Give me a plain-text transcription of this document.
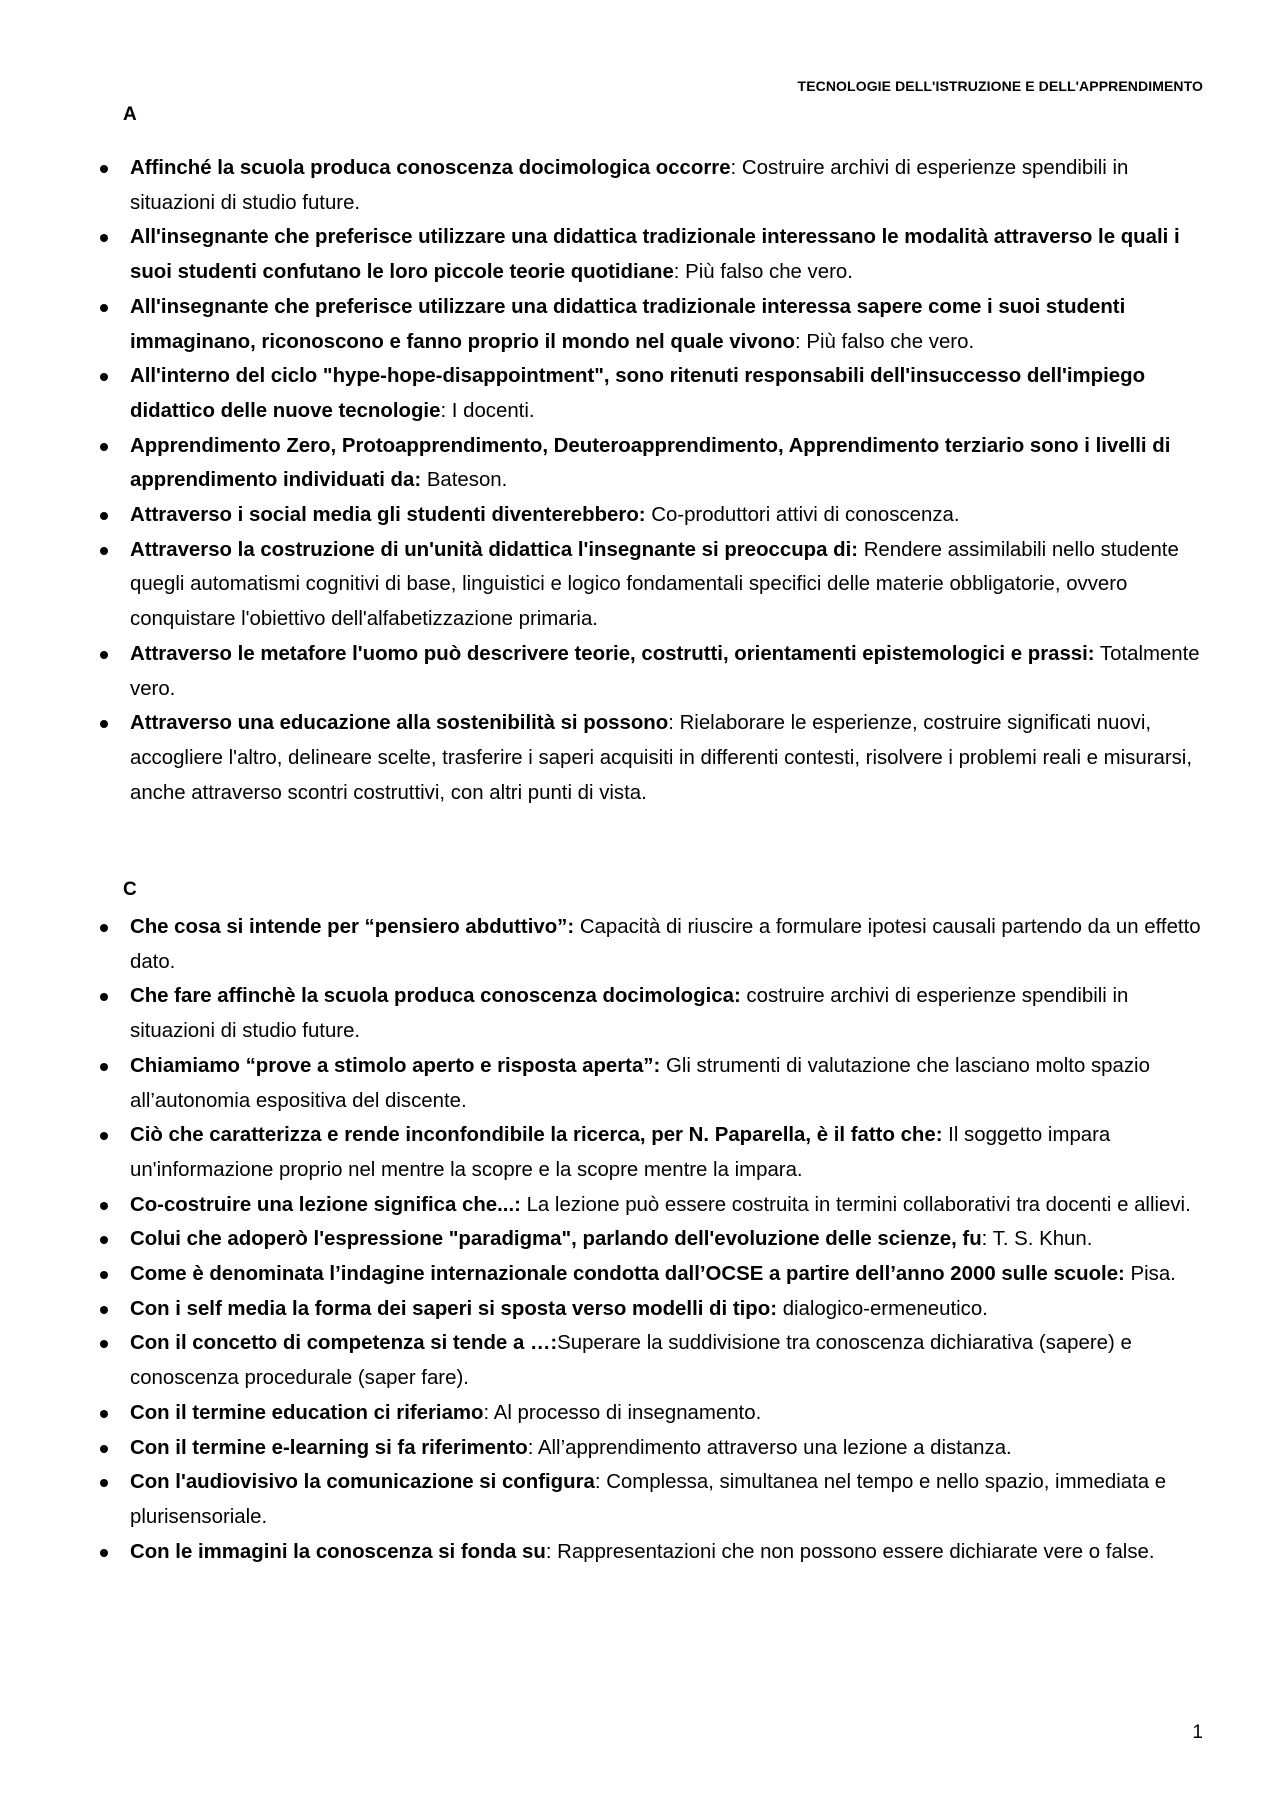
TECNOLOGIE DELL'ISTRUZIONE E DELL'APPRENDIMENTO
A
Affinché la scuola produca conoscenza docimologica occorre: Costruire archivi di esperienze spendibili in situazioni di studio future.
All'insegnante che preferisce utilizzare una didattica tradizionale interessano le modalità attraverso le quali i suoi studenti confutano le loro piccole teorie quotidiane: Più falso che vero.
All'insegnante che preferisce utilizzare una didattica tradizionale interessa sapere come i suoi studenti immaginano, riconoscono e fanno proprio il mondo nel quale vivono: Più falso che vero.
All'interno del ciclo "hype-hope-disappointment", sono ritenuti responsabili dell'insuccesso dell'impiego didattico delle nuove tecnologie: I docenti.
Apprendimento Zero, Protoapprendimento, Deuteroapprendimento, Apprendimento terziario sono i livelli di apprendimento individuati da: Bateson.
Attraverso i social media gli studenti diventerebbero: Co-produttori attivi di conoscenza.
Attraverso la costruzione di un'unità didattica l'insegnante si preoccupa di: Rendere assimilabili nello studente quegli automatismi cognitivi di base, linguistici e logico fondamentali specifici delle materie obbligatorie, ovvero conquistare l'obiettivo dell'alfabetizzazione primaria.
Attraverso le metafore l'uomo può descrivere teorie, costrutti, orientamenti epistemologici e prassi: Totalmente vero.
Attraverso una educazione alla sostenibilità si possono: Rielaborare le esperienze, costruire significati nuovi, accogliere l'altro, delineare scelte, trasferire i saperi acquisiti in differenti contesti, risolvere i problemi reali e misurarsi, anche attraverso scontri costruttivi, con altri punti di vista.
C
Che cosa si intende per “pensiero abduttivo”: Capacità di riuscire a formulare ipotesi causali partendo da un effetto dato.
Che fare affinchè la scuola produca conoscenza docimologica: costruire archivi di esperienze spendibili in situazioni di studio future.
Chiamiamo “prove a stimolo aperto e risposta aperta”: Gli strumenti di valutazione che lasciano molto spazio all’autonomia espositiva del discente.
Ciò che caratterizza e rende inconfondibile la ricerca, per N. Paparella, è il fatto che: Il soggetto impara un'informazione proprio nel mentre la scopre e la scopre mentre la impara.
Co-costruire una lezione significa che...: La lezione può essere costruita in termini collaborativi tra docenti e allievi.
Colui che adoperò l'espressione "paradigma", parlando dell'evoluzione delle scienze, fu: T. S. Khun.
Come è denominata l’indagine internazionale condotta dall’OCSE a partire dell’anno 2000 sulle scuole: Pisa.
Con i self media la forma dei saperi si sposta verso modelli di tipo: dialogico-ermeneutico.
Con il concetto di competenza si tende a …:Superare la suddivisione tra conoscenza dichiarativa (sapere) e conoscenza procedurale (saper fare).
Con il termine education ci riferiamo: Al processo di insegnamento.
Con il termine e-learning si fa riferimento: All’apprendimento attraverso una lezione a distanza.
Con l'audiovisivo la comunicazione si configura: Complessa, simultanea nel tempo e nello spazio, immediata e plurisensoriale.
Con le immagini la conoscenza si fonda su: Rappresentazioni che non possono essere dichiarate vere o false.
1
